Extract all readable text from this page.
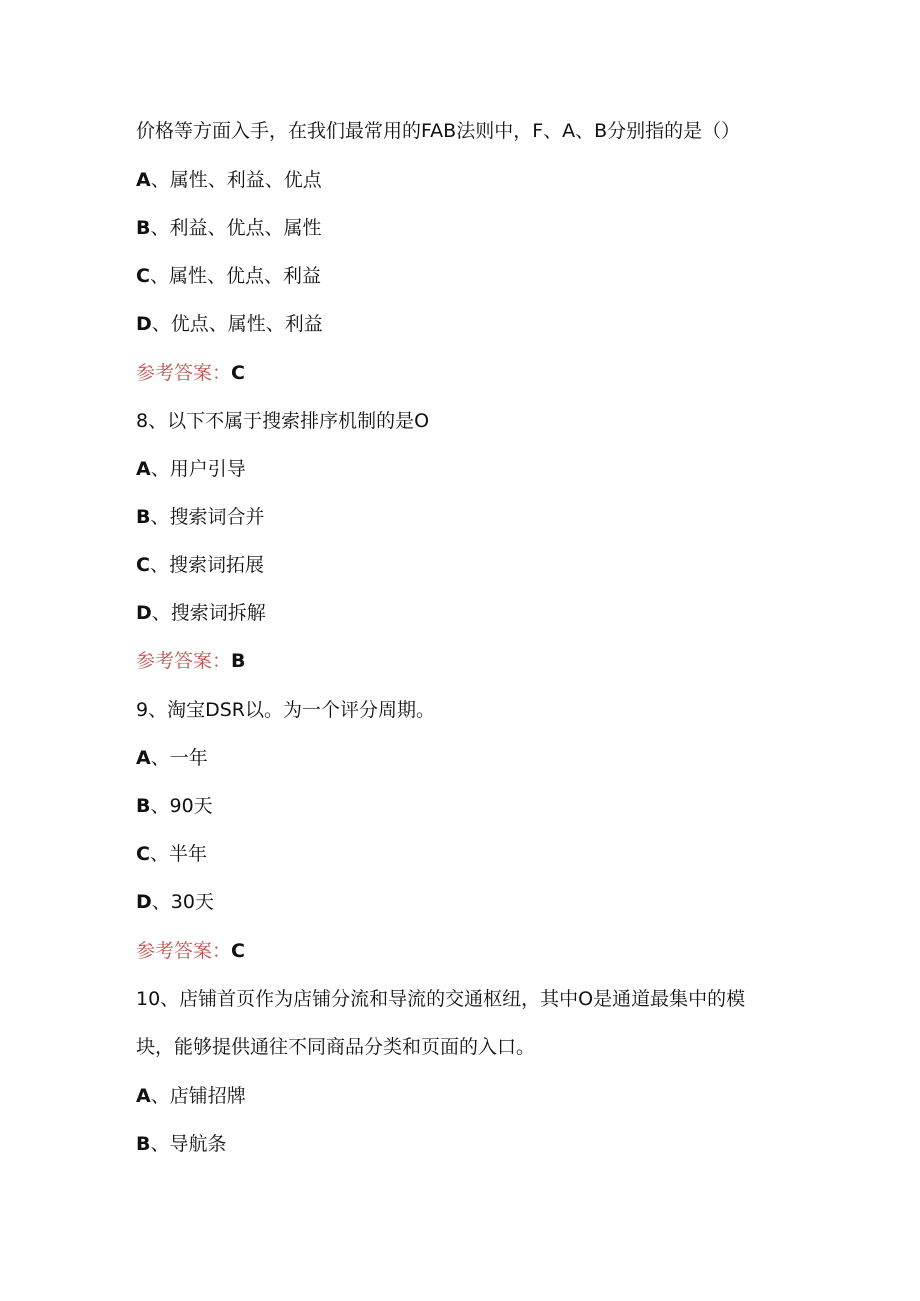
价格等方面入手，在我们最常用的FAB法则中，F、A、B分别指的是（）
A、属性、利益、优点
B、利益、优点、属性
C、属性、优点、利益
D、优点、属性、利益
参考答案：C
8、以下不属于搜索排序机制的是O
A、用户引导
B、搜索词合并
C、搜索词拓展
D、搜索词拆解
参考答案：B
9、淘宝DSR以。为一个评分周期。
A、一年
B、90天
C、半年
D、30天
参考答案：C
10、店铺首页作为店铺分流和导流的交通枢纽，其中O是通道最集中的模
块，能够提供通往不同商品分类和页面的入口。
A、店铺招牌
B、导航条
